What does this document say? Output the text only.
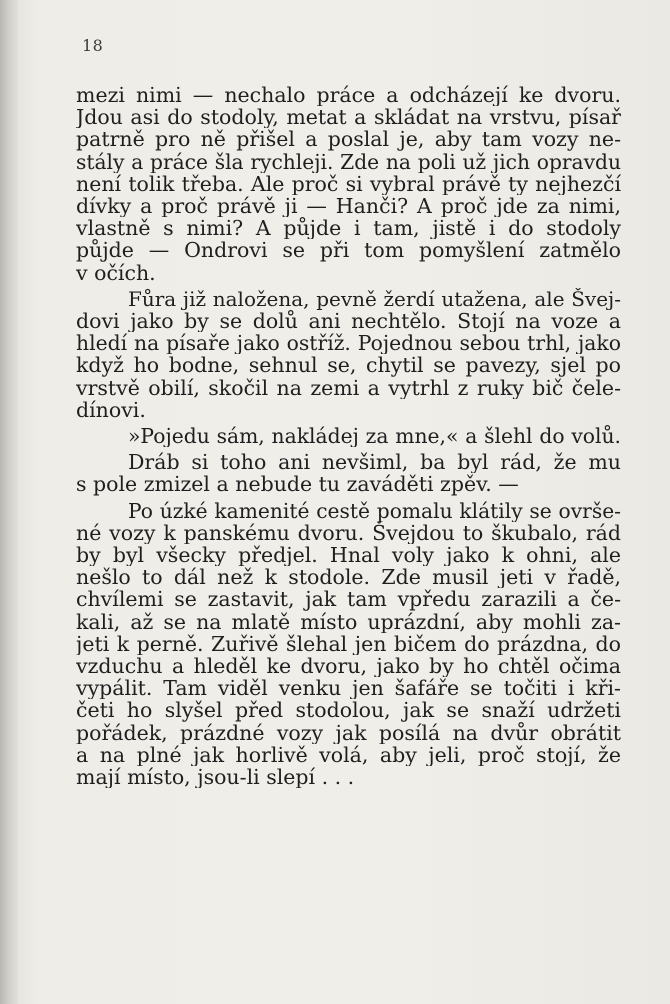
18
mezi nimi — nechalo práce a odcházejí ke dvoru.
Jdou asi do stodoly, metat a skládat na vrstvu, písař
patrně pro ně přišel a poslal je, aby tam vozy ne-
stály a práce šla rychleji. Zde na poli už jich opravdu
není tolik třeba. Ale proč si vybral právě ty nejhezčí
dívky a proč právě ji — Hanči? A proč jde za nimi,
vlastně s nimi? A půjde i tam, jistě i do stodoly
půjde — Ondrovi se při tom pomyšlení zatmělo
v očích.
Fůra již naložena, pevně žerdí utažena, ale Švej-
dovi jako by se dolů ani nechtělo. Stojí na voze a
hledí na písaře jako ostříž. Pojednou sebou trhl, jako
když ho bodne, sehnul se, chytil se pavezy, sjel po
vrstvě obilí, skočil na zemi a vytrhl z ruky bič čele-
dínovi.
»Pojedu sám, nakládej za mne,« a šlehl do volů.
Dráb si toho ani nevšiml, ba byl rád, že mu
s pole zmizel a nebude tu zaváděti zpěv. —
Po úzké kamenité cestě pomalu klátily se ovrše-
né vozy k panskému dvoru. Švejdou to škubalo, rád
by byl všecky předjel. Hnal voly jako k ohni, ale
nešlo to dál než k stodole. Zde musil jeti v řadě,
chvílemi se zastavit, jak tam vpředu zarazili a če-
kali, až se na mlatě místo uprázdní, aby mohli za-
jeti k perně. Zuřivě šlehal jen bičem do prázdna, do
vzduchu a hleděl ke dvoru, jako by ho chtěl očima
vypálit. Tam viděl venku jen šafáře se točiti i kři-
četi ho slyšel před stodolou, jak se snaží udržeti
pořádek, prázdné vozy jak posílá na dvůr obrátit
a na plné jak horlivě volá, aby jeli, proč stojí, že
mají místo, jsou-li slepí . . .
